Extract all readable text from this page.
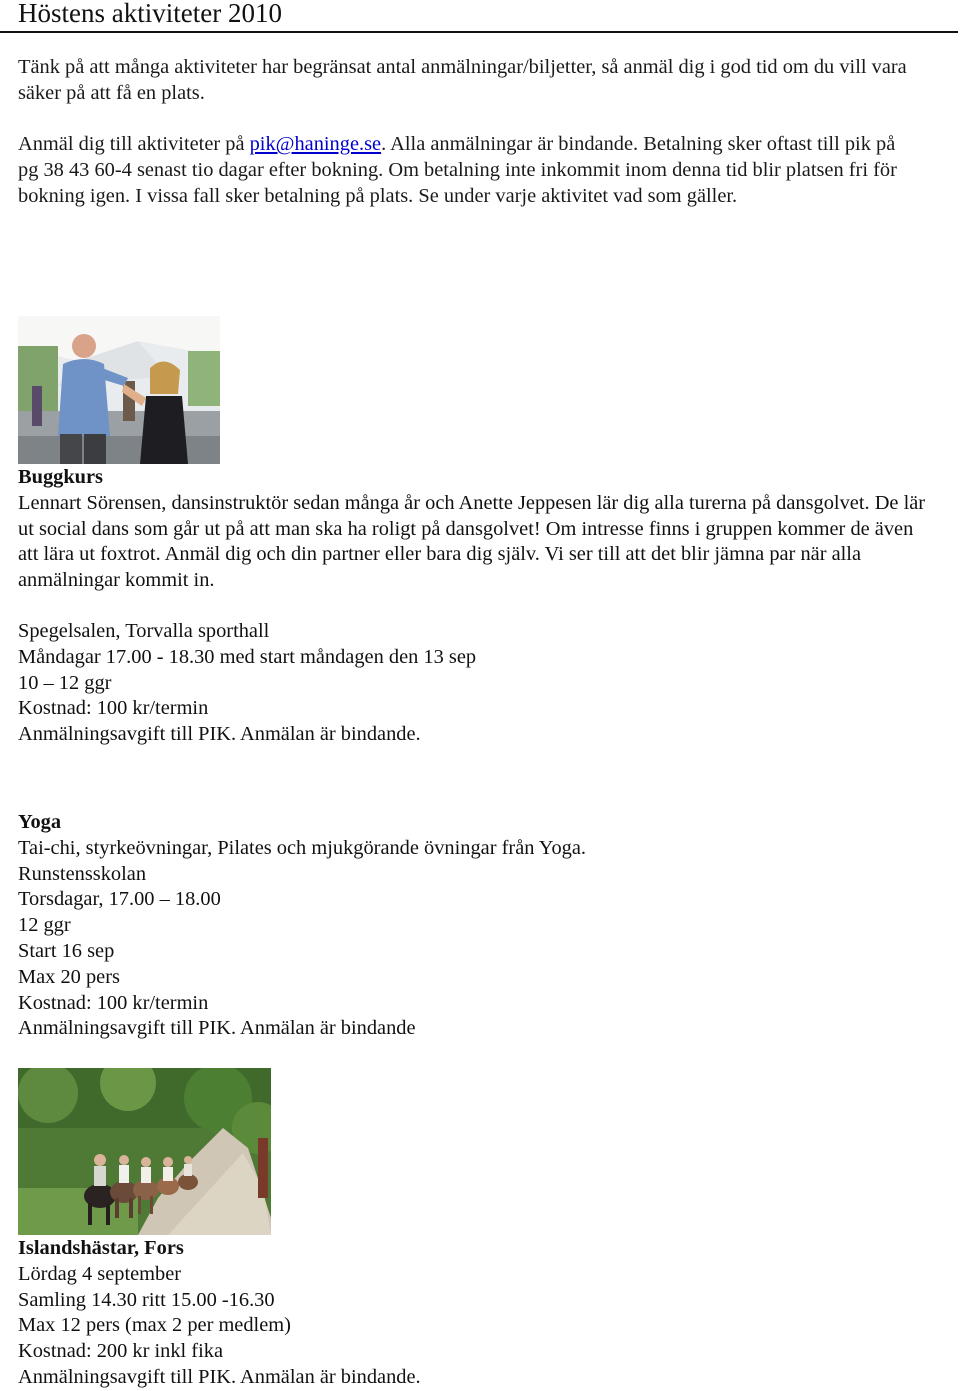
Höstens aktiviteter 2010

Tänk på att många aktiviteter har begränsat antal anmälningar/biljetter, så anmäl dig i god tid om du vill vara säker på att få en plats.

Anmäl dig till aktiviteter på pik@haninge.se. Alla anmälningar är bindande. Betalning sker oftast till pik på pg 38 43 60-4 senast tio dagar efter bokning. Om betalning inte inkommit inom denna tid blir platsen fri för bokning igen. I vissa fall sker betalning på plats. Se under varje aktivitet vad som gäller.

Buggkurs
Lennart Sörensen, dansinstruktör sedan många år och Anette Jeppesen lär dig alla turerna på dansgolvet. De lär ut social dans som går ut på att man ska ha roligt på dansgolvet! Om intresse finns i gruppen kommer de även att lära ut foxtrot. Anmäl dig och din partner eller bara dig själv. Vi ser till att det blir jämna par när alla anmälningar kommit in.
Spegelsalen, Torvalla sporthall
Måndagar 17.00 - 18.30 med start måndagen den 13 sep
10 – 12 ggr
Kostnad: 100 kr/termin
Anmälningsavgift till PIK. Anmälan är bindande.
Yoga
Tai-chi, styrkeövningar, Pilates och mjukgörande övningar från Yoga.
Runstensskolan
Torsdagar, 17.00 – 18.00
12 ggr
Start 16 sep
Max 20 pers
Kostnad: 100 kr/termin
Anmälningsavgift till PIK. Anmälan är bindande
Islandshästar, Fors
Lördag 4 september
Samling 14.30 ritt 15.00 -16.30
Max 12 pers (max 2 per medlem)
Kostnad: 200 kr inkl fika
Anmälningsavgift till PIK. Anmälan är bindande.
